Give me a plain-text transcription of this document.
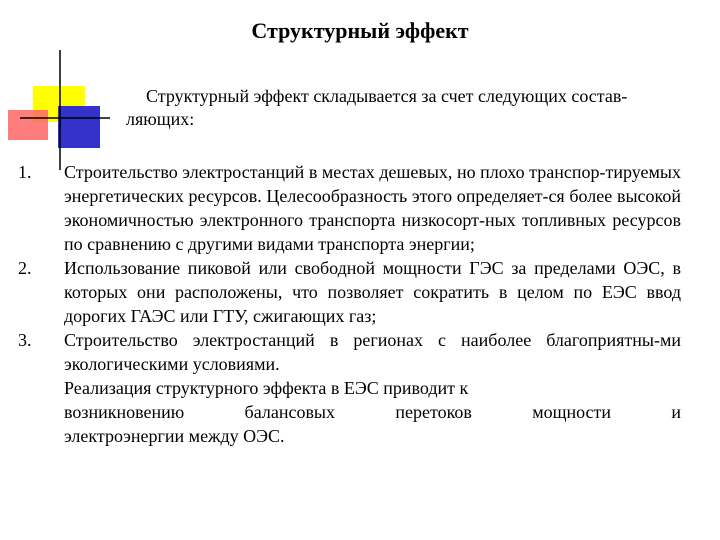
Структурный эффект
Структурный эффект складывается за счет следующих состав-ляющих:
1. Строительство электростанций в местах дешевых, но плохо транспор-тируемых энергетических ресурсов. Целесообразность этого определяет-ся более высокой экономичностью электронного транспорта низкосорт-ных топливных ресурсов по сравнению с другими видами транспорта энергии;
2. Использование пиковой или свободной мощности ГЭС за пределами ОЭС, в которых они расположены, что позволяет сократить в целом по ЕЭС ввод дорогих ГАЭС или ГТУ, сжигающих газ;
3. Строительство электростанций в регионах с наиболее благоприятны-ми экологическими условиями.
Реализация структурного эффекта в ЕЭС приводит к
возникновению балансовых перетоков мощности и
электроэнергии между ОЭС.
